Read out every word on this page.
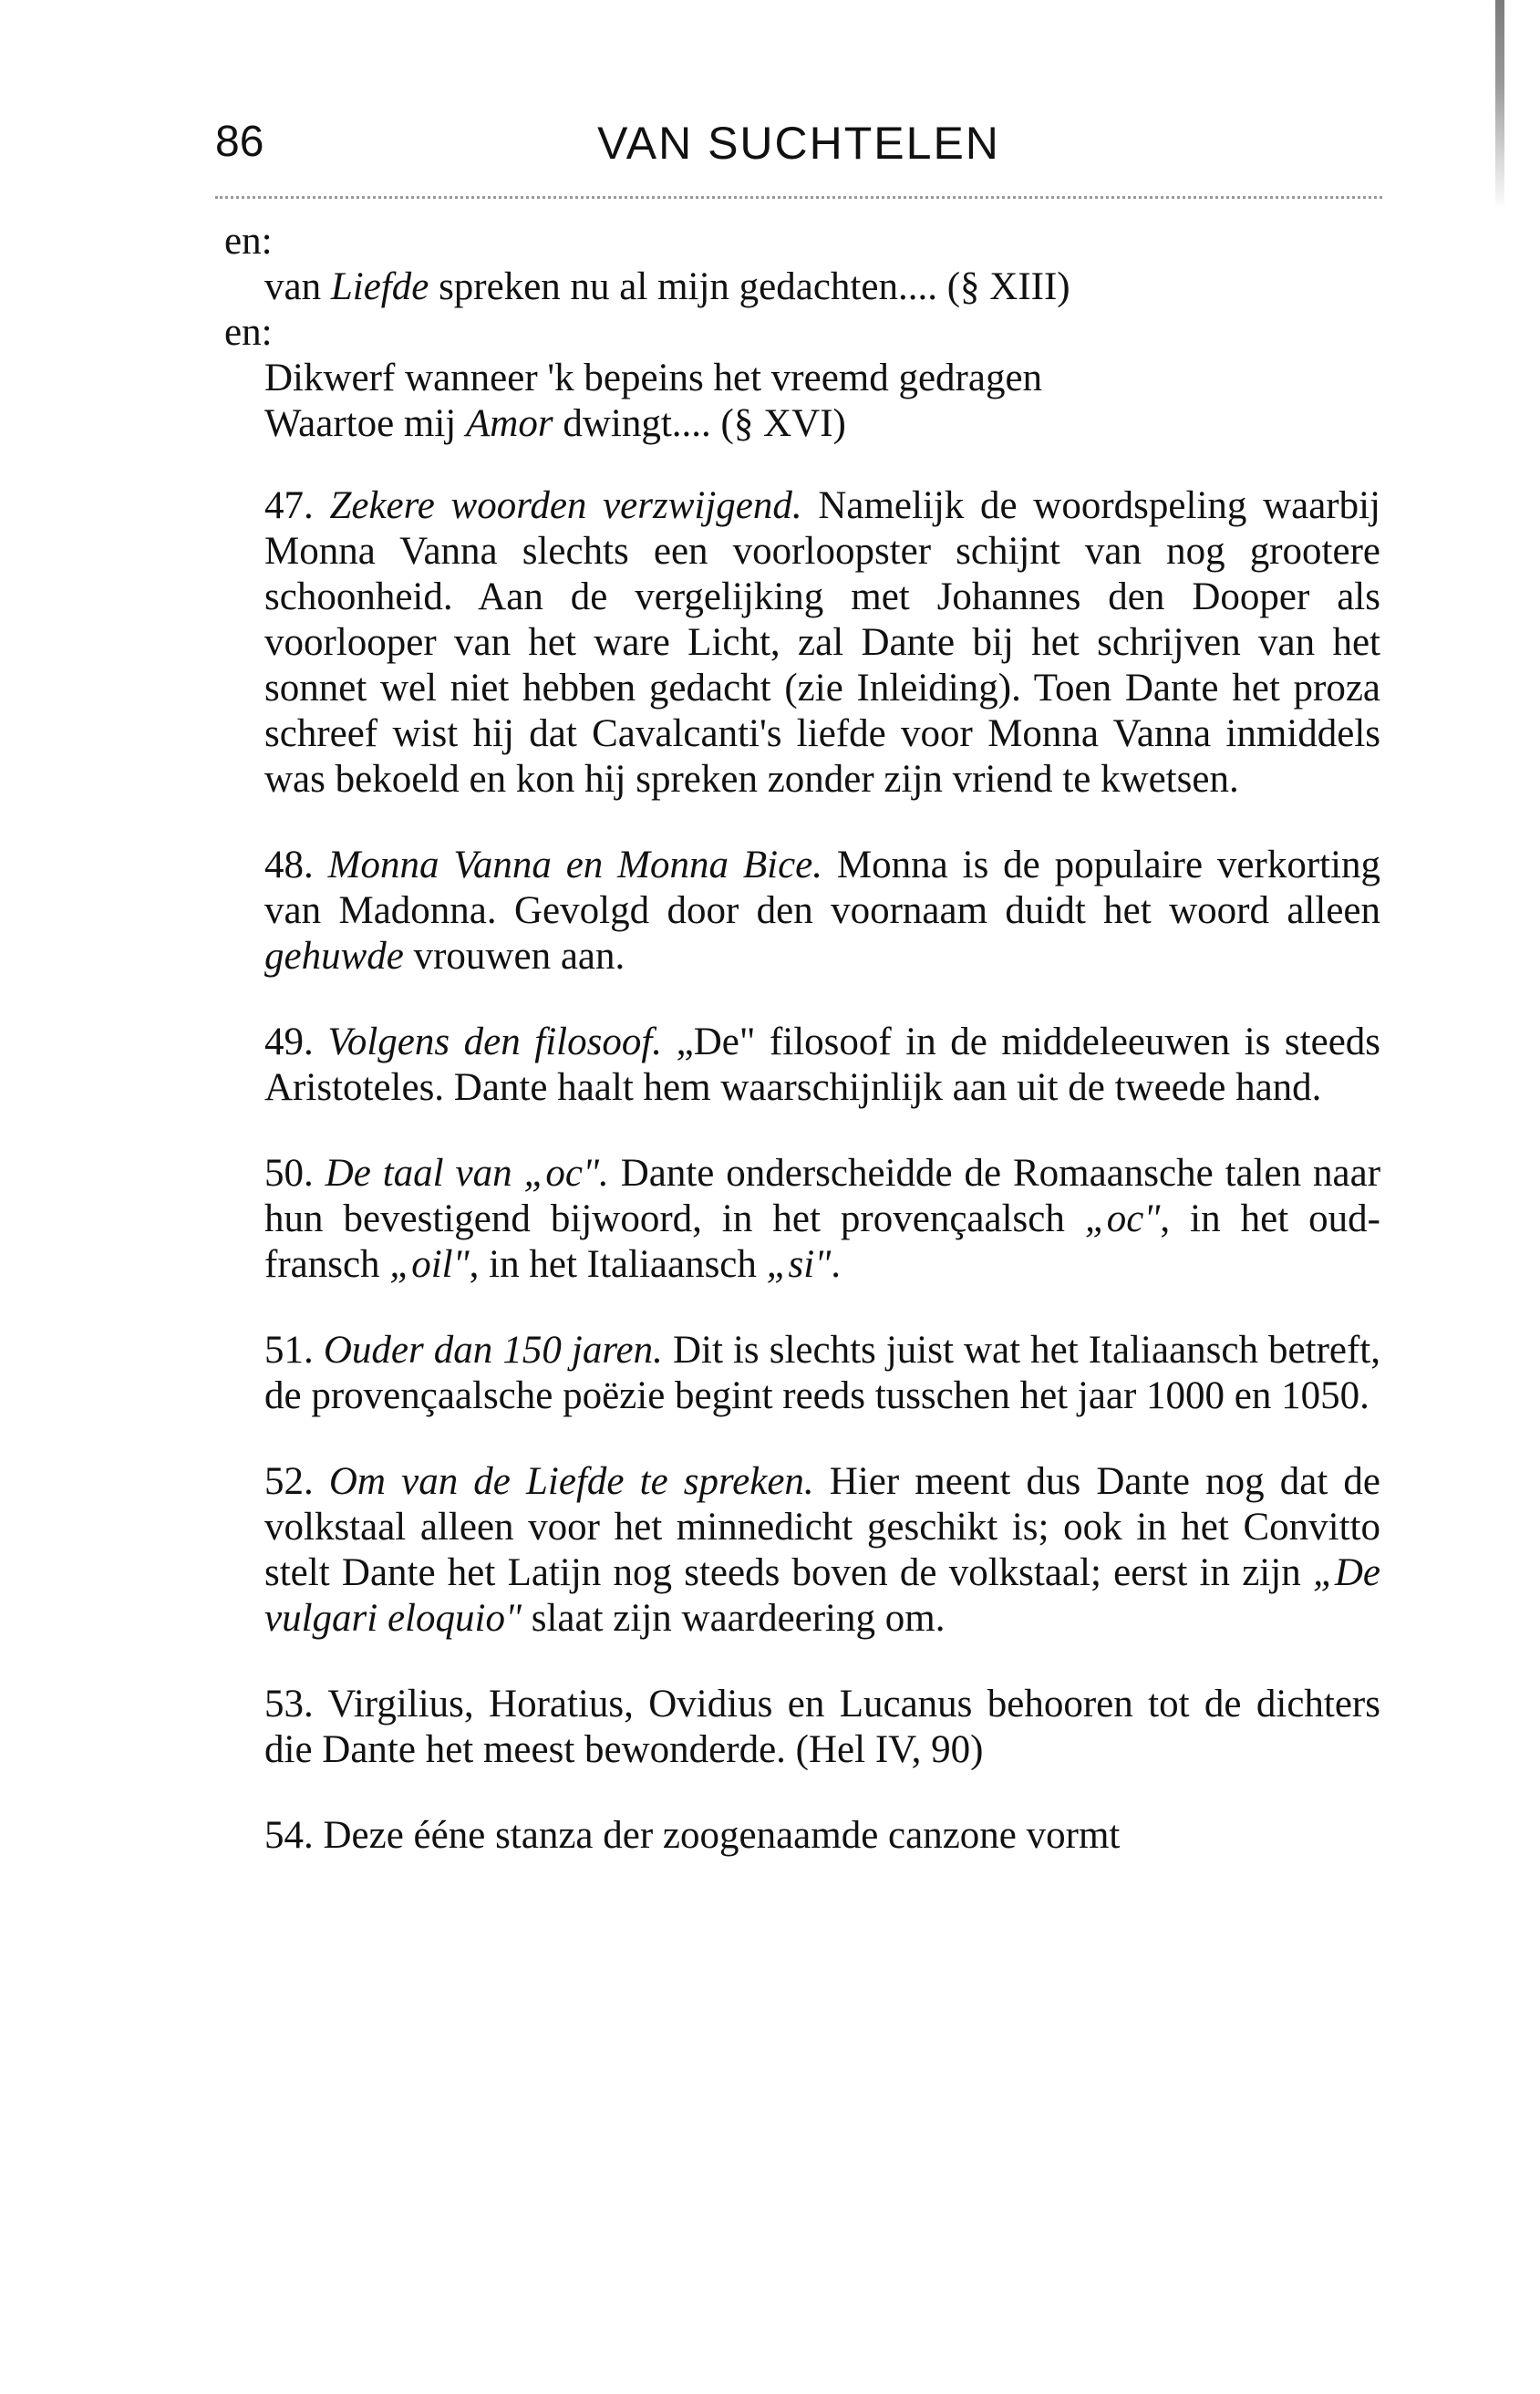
86	VAN SUCHTELEN

en:

van Liefde spreken nu al mijn gedachten.... (§ XIII)

en:

Dikwerf wanneer 'k bepeins het vreemd gedragen

Waartoe mij Amor dwingt.... (§ XVI)

47. Zekere woorden verzwijgend. Namelijk de woordspeling waarbij Monna Vanna slechts een voorloopster schijnt van nog grootere schoonheid. Aan de vergelijking met Johannes den Dooper als voorlooper van het ware Licht, zal Dante bij het schrijven van het sonnet wel niet hebben gedacht (zie Inleiding). Toen Dante het proza schreef wist hij dat Cavalcanti's liefde voor Monna Vanna inmiddels was bekoeld en kon hij spreken zonder zijn vriend te kwetsen.

48. Monna Vanna en Monna Bice. Monna is de populaire verkorting van Madonna. Gevolgd door den voornaam duidt het woord alleen gehuwde vrouwen aan.

49. Volgens den filosoof. „De" filosoof in de middeleeuwen is steeds Aristoteles. Dante haalt hem waarschijnlijk aan uit de tweede hand.

50. De taal van „oc". Dante onderscheidde de Romaansche talen naar hun bevestigend bijwoord, in het provençaalsch „oc", in het oud-fransch „oil", in het Italiaansch „si".

51. Ouder dan 150 jaren. Dit is slechts juist wat het Italiaansch betreft, de provençaalsche poëzie begint reeds tusschen het jaar 1000 en 1050.

52. Om van de Liefde te spreken. Hier meent dus Dante nog dat de volkstaal alleen voor het minnedicht geschikt is; ook in het Convitto stelt Dante het Latijn nog steeds boven de volkstaal; eerst in zijn „De vulgari eloquio" slaat zijn waardeering om.

53. Virgilius, Horatius, Ovidius en Lucanus behooren tot de dichters die Dante het meest bewonderde. (Hel IV, 90)

54. Deze ééne stanza der zoogenaamde canzone vormt
